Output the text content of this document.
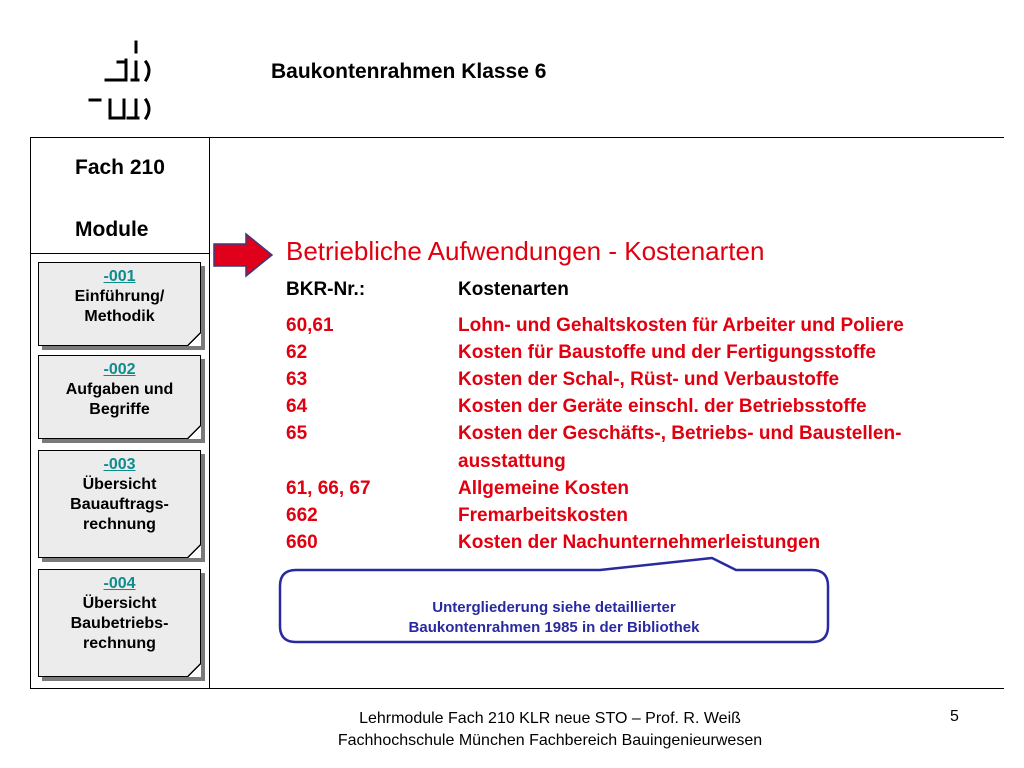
Baukontenrahmen Klasse 6
Fach 210
Module
-001
Einführung/
Methodik
-002
Aufgaben und
Begriffe
-003
Übersicht
Bauauftrags-
rechnung
-004
Übersicht
Baubetriebs-
rechnung
Betriebliche Aufwendungen - Kostenarten
BKR-Nr.:	Kostenarten
60,61	Lohn- und Gehaltskosten für Arbeiter und Poliere
62	Kosten für Baustoffe und der Fertigungsstoffe
63	Kosten der Schal-, Rüst- und Verbaustoffe
64	Kosten der Geräte einschl. der Betriebsstoffe
65	Kosten der Geschäfts-, Betriebs- und Baustellen-
ausstattung
61, 66, 67	Allgemeine Kosten
662	Fremarbeitskosten
660	Kosten der Nachunternehmerleistungen
Untergliederung siehe detaillierter
Baukontenrahmen 1985 in der Bibliothek
Lehrmodule Fach 210 KLR neue STO – Prof. R. Weiß
Fachhochschule München Fachbereich Bauingenieurwesen
5
